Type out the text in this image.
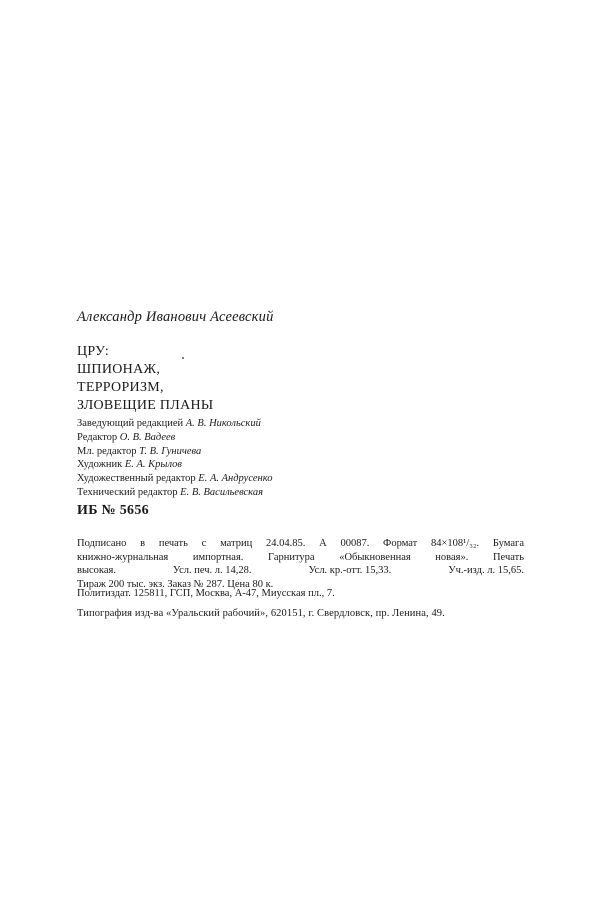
Александр Иванович Асеевский
ЦРУ:
ШПИОНАЖ,
ТЕРРОРИЗМ,
ЗЛОВЕЩИЕ ПЛАНЫ
Заведующий редакцией А. В. Никольский
Редактор О. В. Вадеев
Мл. редактор Т. В. Гуничева
Художник Е. А. Крылов
Художественный редактор Е. А. Андрусенко
Технический редактор Е. В. Васильевская
ИБ № 5656
Подписано в печать с матриц 24.04.85. А 00087. Формат 84×108¹/₃₂. Бумага
книжно-журнальная импортная. Гарнитура «Обыкновенная новая». Печать
высокая.	Усл. печ. л. 14,28.	Усл. кр.-отт. 15,33.	Уч.-изд. л. 15,65.
Тираж 200 тыс. экз. Заказ № 287. Цена 80 к.
Политиздат. 125811, ГСП, Москва, А-47, Миусская пл., 7.
Типография изд-ва «Уральский рабочий», 620151, г. Свердловск, пр. Ленина, 49.
